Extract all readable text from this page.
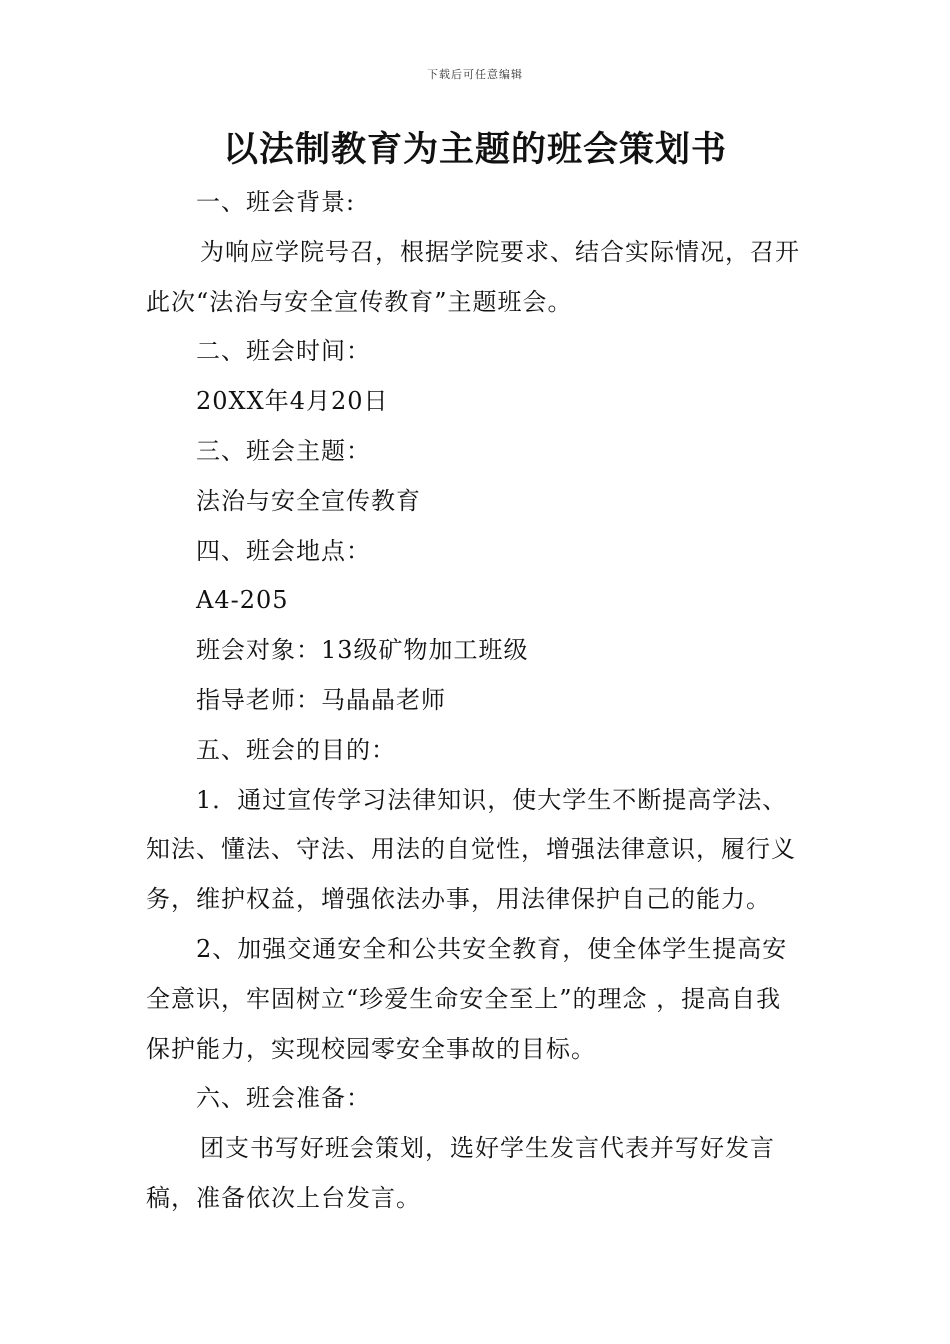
下载后可任意编辑
以法制教育为主题的班会策划书

一、班会背景:

为响应学院号召，根据学院要求、结合实际情况，召开此次“法治与安全宣传教育”主题班会。

二、班会时间：

20XX年4月20日

三、班会主题：

法治与安全宣传教育

四、班会地点：

A4-205

班会对象：13级矿物加工班级

指导老师：马晶晶老师

五、班会的目的：

1．通过宣传学习法律知识，使大学生不断提高学法、知法、懂法、守法、用法的自觉性，增强法律意识，履行义务，维护权益，增强依法办事，用法律保护自己的能力。

2、加强交通安全和公共安全教育，使全体学生提高安全意识，牢固树立“珍爱生命安全至上”的理念 ，提高自我保护能力，实现校园零安全事故的目标。

六、班会准备：

团支书写好班会策划，选好学生发言代表并写好发言稿，准备依次上台发言。
